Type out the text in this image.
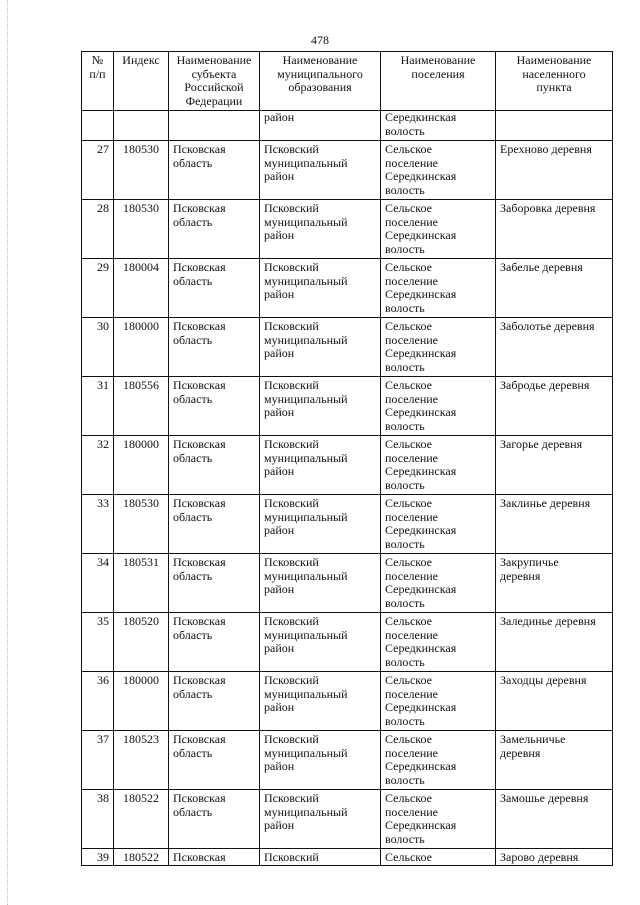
478
№
п/п	Индекс	Наименование
субъекта
Российской
Федерации	Наименование
муниципального
образования	Наименование
поселения	Наименование
населенного
пункта

			район	Середкинская
волость	

27	180530	Псковская
область	Псковский
муниципальный
район	Сельское
поселение
Середкинская
волость	Ерехново деревня

28	180530	Псковская
область	Псковский
муниципальный
район	Сельское
поселение
Середкинская
волость	Заборовка деревня

29	180004	Псковская
область	Псковский
муниципальный
район	Сельское
поселение
Середкинская
волость	Забелье деревня

30	180000	Псковская
область	Псковский
муниципальный
район	Сельское
поселение
Середкинская
волость	Заболотье деревня

31	180556	Псковская
область	Псковский
муниципальный
район	Сельское
поселение
Середкинская
волость	Забродье деревня

32	180000	Псковская
область	Псковский
муниципальный
район	Сельское
поселение
Середкинская
волость	Загорье деревня

33	180530	Псковская
область	Псковский
муниципальный
район	Сельское
поселение
Середкинская
волость	Заклинье деревня

34	180531	Псковская
область	Псковский
муниципальный
район	Сельское
поселение
Середкинская
волость	Закрупичье
деревня

35	180520	Псковская
область	Псковский
муниципальный
район	Сельское
поселение
Середкинская
волость	Залединье деревня

36	180000	Псковская
область	Псковский
муниципальный
район	Сельское
поселение
Середкинская
волость	Заходцы деревня

37	180523	Псковская
область	Псковский
муниципальный
район	Сельское
поселение
Середкинская
волость	Замельничье
деревня

38	180522	Псковская
область	Псковский
муниципальный
район	Сельское
поселение
Середкинская
волость	Замошье деревня

39	180522	Псковская	Псковский	Сельское	Зарово деревня
